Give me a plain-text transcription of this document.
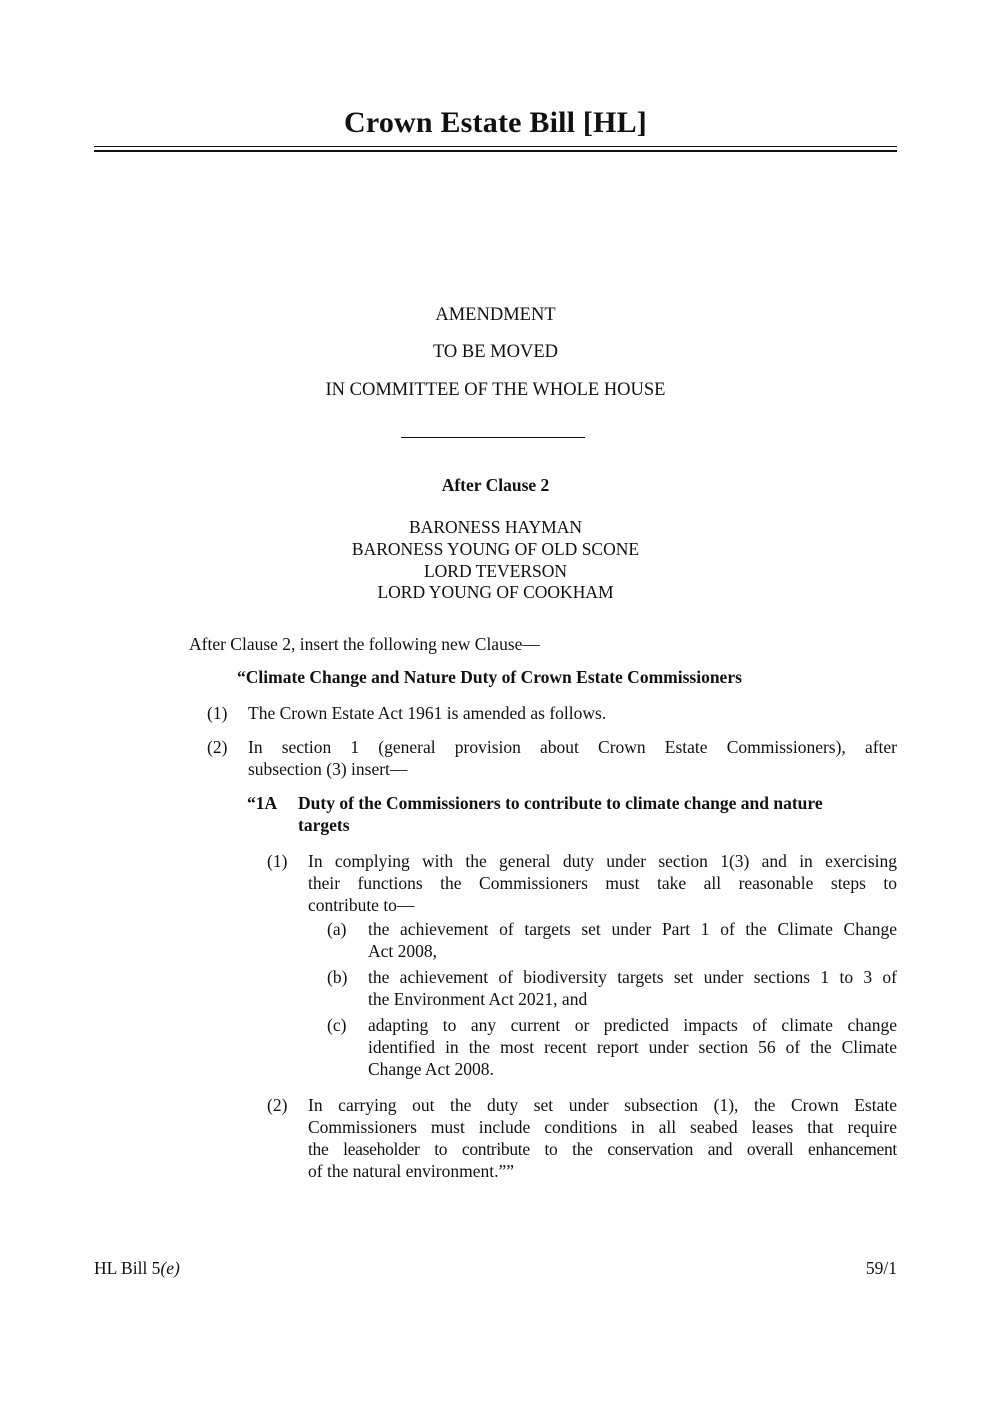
Crown Estate Bill [HL]
AMENDMENT
TO BE MOVED
IN COMMITTEE OF THE WHOLE HOUSE
After Clause 2
BARONESS HAYMAN
BARONESS YOUNG OF OLD SCONE
LORD TEVERSON
LORD YOUNG OF COOKHAM
After Clause 2, insert the following new Clause—
“Climate Change and Nature Duty of Crown Estate Commissioners
(1) The Crown Estate Act 1961 is amended as follows.
(2) In section 1 (general provision about Crown Estate Commissioners), after
subsection (3) insert—
“1A Duty of the Commissioners to contribute to climate change and nature
targets
(1) In complying with the general duty under section 1(3) and in exercising
their functions the Commissioners must take all reasonable steps to
contribute to—
(a) the achievement of targets set under Part 1 of the Climate Change
Act 2008,
(b) the achievement of biodiversity targets set under sections 1 to 3 of
the Environment Act 2021, and
(c) adapting to any current or predicted impacts of climate change
identified in the most recent report under section 56 of the Climate
Change Act 2008.
(2) In carrying out the duty set under subsection (1), the Crown Estate
Commissioners must include conditions in all seabed leases that require
the leaseholder to contribute to the conservation and overall enhancement
of the natural environment.””
HL Bill 5(e)	59/1
